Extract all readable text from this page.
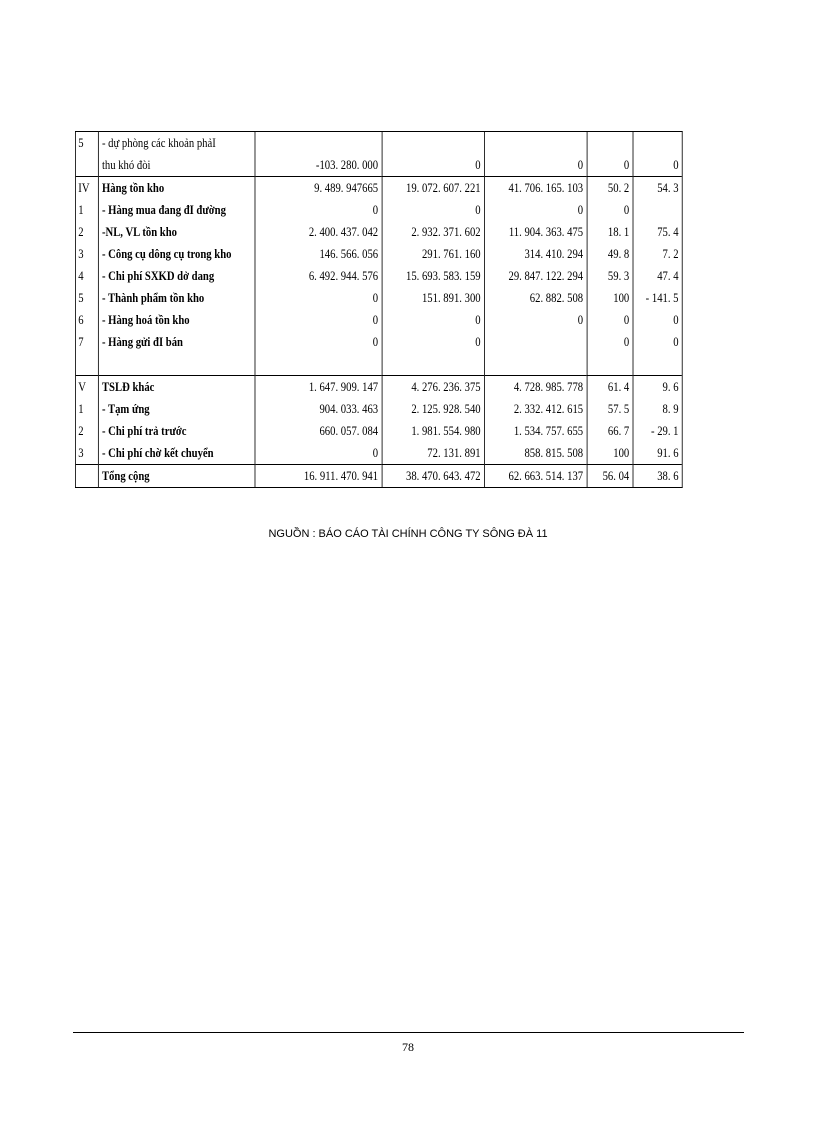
5	- dự phòng các khoản phảI
thu khó đòi	-103. 280. 000	0	0	0	0
IV	Hàng tồn kho	9. 489. 947665	19. 072. 607. 221	41. 706. 165. 103	50. 2	54. 3
1	- Hàng mua đang đI đường	0	0	0	0	
2	-NL, VL tồn kho	2. 400. 437. 042	2. 932. 371. 602	11. 904. 363. 475	18. 1	75. 4
3	- Công cụ dông cụ trong kho	146. 566. 056	291. 761. 160	314. 410. 294	49. 8	7. 2
4	- Chi phí SXKD dở dang	6. 492. 944. 576	15. 693. 583. 159	29. 847. 122. 294	59. 3	47. 4
5	- Thành phẩm tồn kho	0	151. 891. 300	62. 882. 508	100	- 141. 5
6	- Hàng hoá tồn kho	0	0	0	0	0
7	- Hàng gửi đI bán	0	0		0	0
V	TSLĐ khác	1. 647. 909. 147	4. 276. 236. 375	4. 728. 985. 778	61. 4	9. 6
1	- Tạm ứng	904. 033. 463	2. 125. 928. 540	2. 332. 412. 615	57. 5	8. 9
2	- Chi phí trả trước	660. 057. 084	1. 981. 554. 980	1. 534. 757. 655	66. 7	- 29. 1
3	- Chi phí chờ kết chuyển	0	72. 131. 891	858. 815. 508	100	91. 6
	Tổng cộng	16. 911. 470. 941	38. 470. 643. 472	62. 663. 514. 137	56. 04	38. 6
NGUỒN : BÁO CÁO TÀI CHÍNH CÔNG TY SÔNG ĐÀ 11
78
